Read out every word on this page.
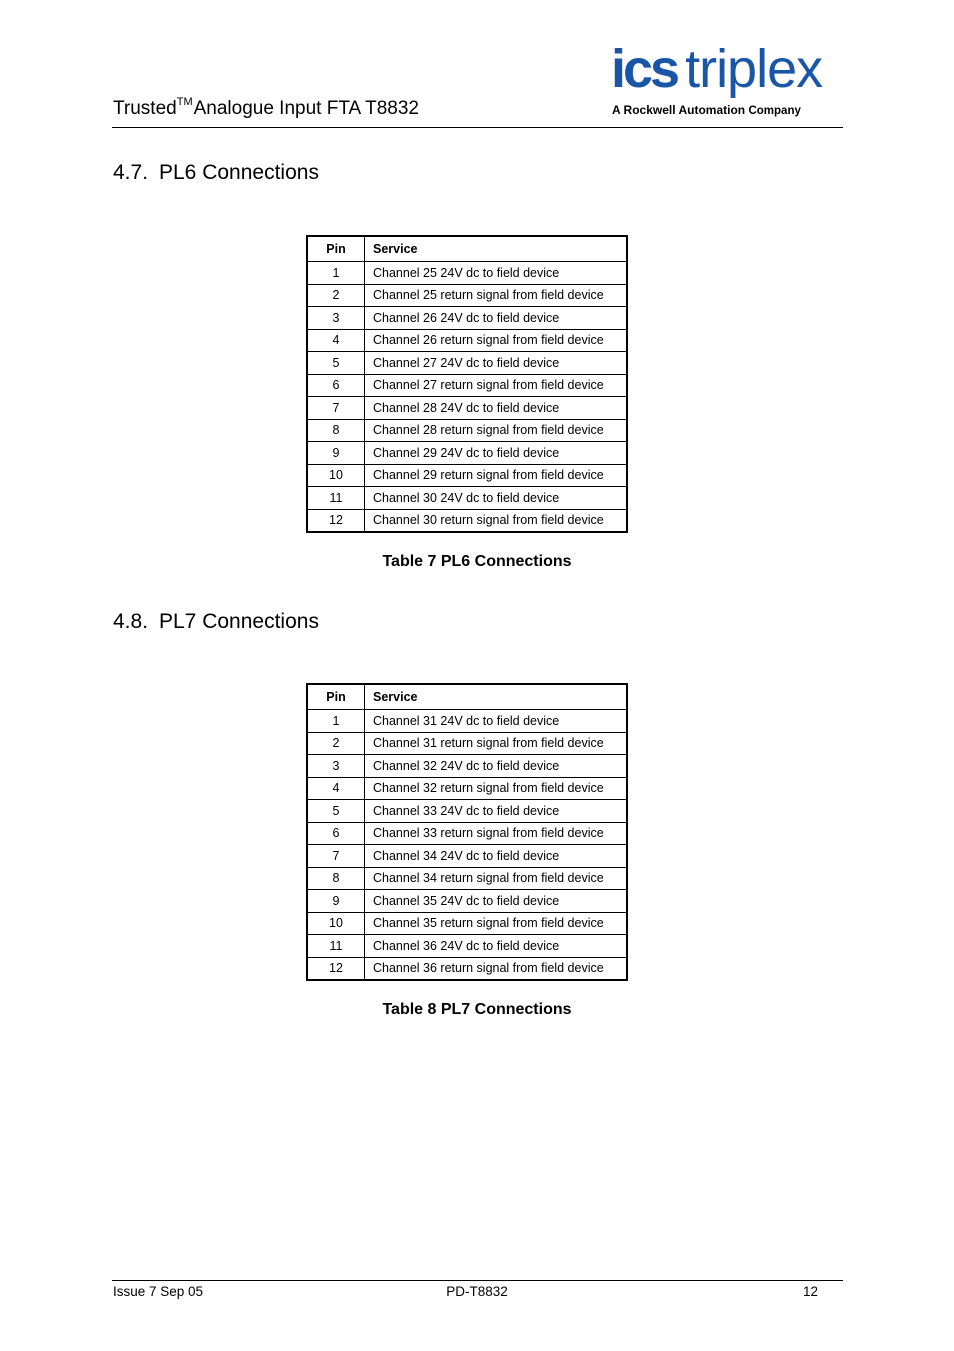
Trusted™Analogue Input FTA T8832
ics triplex
A Rockwell Automation Company
4.7. PL6 Connections
Pin	Service
1	Channel 25 24V dc to field device
2	Channel 25 return signal from field device
3	Channel 26 24V dc to field device
4	Channel 26 return signal from field device
5	Channel 27 24V dc to field device
6	Channel 27 return signal from field device
7	Channel 28 24V dc to field device
8	Channel 28 return signal from field device
9	Channel 29 24V dc to field device
10	Channel 29 return signal from field device
11	Channel 30 24V dc to field device
12	Channel 30 return signal from field device
Table 7 PL6 Connections
4.8. PL7 Connections
Pin	Service
1	Channel 31 24V dc to field device
2	Channel 31 return signal from field device
3	Channel 32 24V dc to field device
4	Channel 32 return signal from field device
5	Channel 33 24V dc to field device
6	Channel 33 return signal from field device
7	Channel 34 24V dc to field device
8	Channel 34 return signal from field device
9	Channel 35 24V dc to field device
10	Channel 35 return signal from field device
11	Channel 36 24V dc to field device
12	Channel 36 return signal from field device
Table 8 PL7 Connections
Issue 7 Sep 05	PD-T8832	12
